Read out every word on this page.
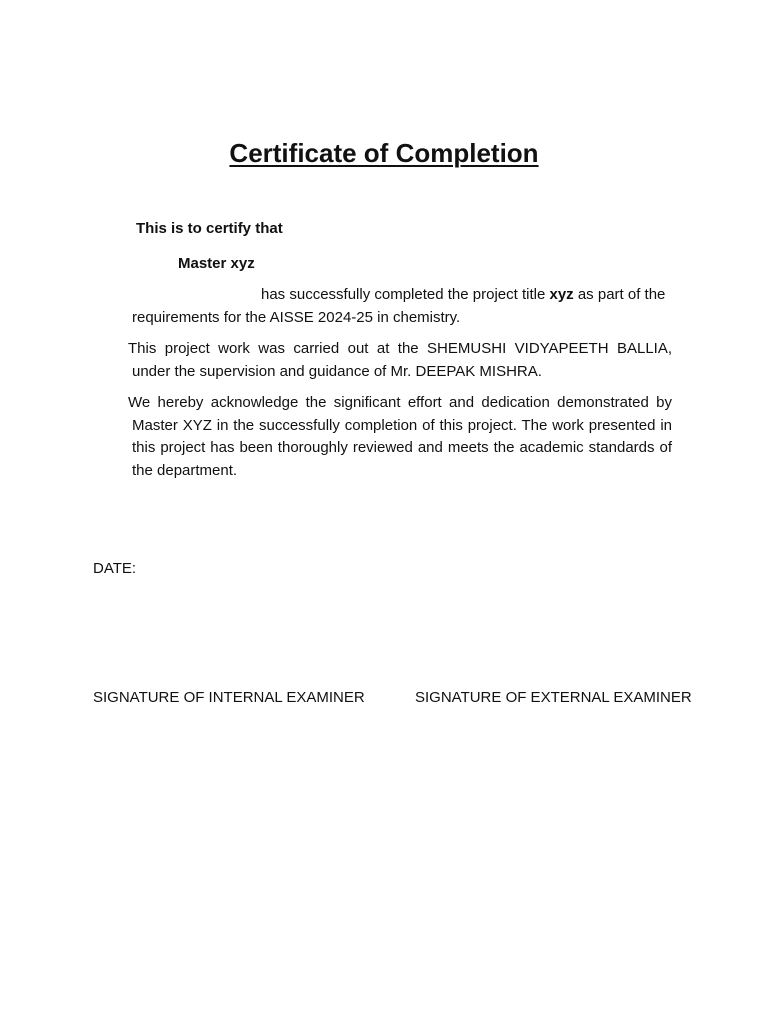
Certificate of Completion
This is to certify that
Master xyz

has successfully completed the project title xyz as part of the requirements for the AISSE 2024-25 in chemistry.

This project work was carried out at the SHEMUSHI VIDYAPEETH BALLIA, under the supervision and guidance of Mr. DEEPAK MISHRA.

We hereby acknowledge the significant effort and dedication demonstrated by Master XYZ in the successfully completion of this project. The work presented in this project has been thoroughly reviewed and meets the academic standards of the department.

DATE:
SIGNATURE OF INTERNAL EXAMINER	SIGNATURE OF EXTERNAL EXAMINER
